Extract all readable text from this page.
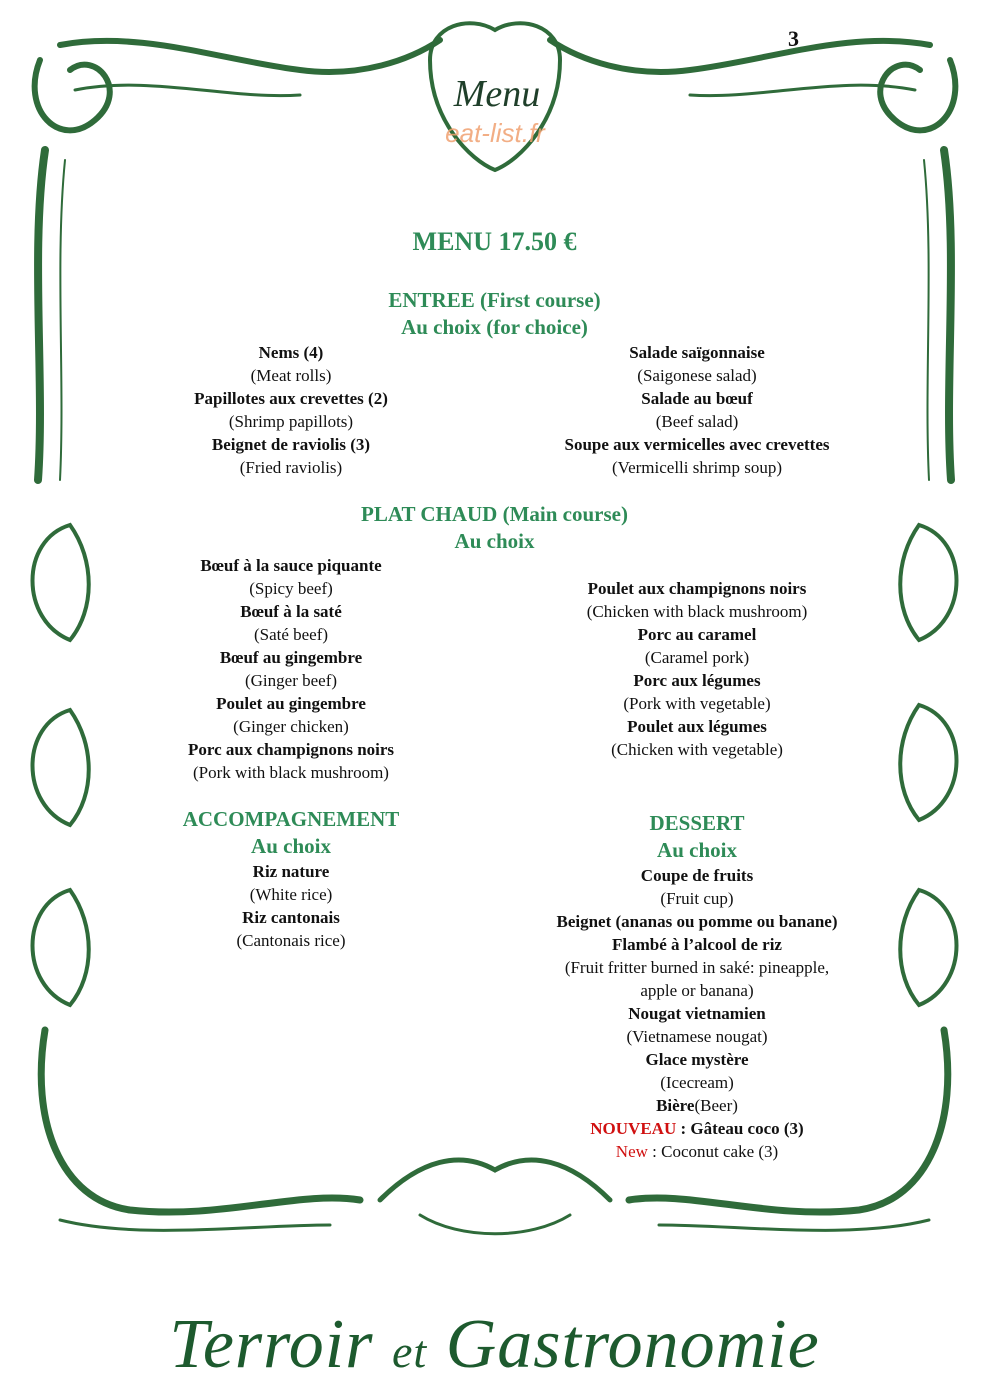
3
Menu
eat-list.fr
MENU 17.50 €
ENTREE (First course)
Au choix (for choice)
Nems (4)
(Meat rolls)
Papillotes aux crevettes (2)
(Shrimp papillots)
Beignet de raviolis (3)
(Fried raviolis)
Salade saïgonnaise
(Saigonese salad)
Salade au bœuf
(Beef salad)
Soupe aux vermicelles avec crevettes
(Vermicelli shrimp soup)
PLAT CHAUD (Main course)
Au choix
Bœuf à la sauce piquante
(Spicy beef)
Bœuf à la saté
(Saté beef)
Bœuf au gingembre
(Ginger beef)
Poulet au gingembre
(Ginger chicken)
Porc aux champignons noirs
(Pork with black mushroom)
Poulet aux champignons noirs
(Chicken with black mushroom)
Porc au caramel
(Caramel pork)
Porc aux légumes
(Pork with vegetable)
Poulet aux légumes
(Chicken with vegetable)
ACCOMPAGNEMENT
Au choix
Riz nature
(White rice)
Riz cantonais
(Cantonais rice)
DESSERT
Au choix
Coupe de fruits
(Fruit cup)
Beignet (ananas ou pomme ou banane)
Flambé à l’alcool de riz
(Fruit fritter burned in saké: pineapple,
apple or banana)
Nougat vietnamien
(Vietnamese nougat)
Glace mystère
(Icecream)
Bière(Beer)
NOUVEAU : Gâteau coco (3)
New : Coconut cake (3)
Terroir et Gastronomie
